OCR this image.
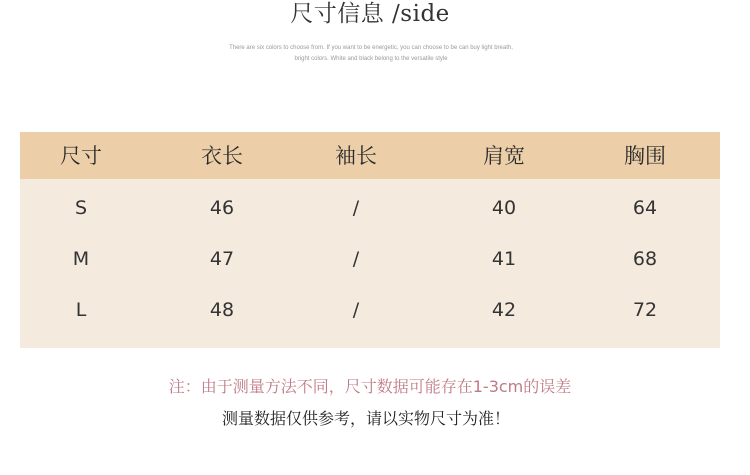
尺寸信息 /side
There are six colors to choose from. If you want to be energetic, you can choose to be can buy light breath,
bright colors. White and black belong to the versatile style
尺寸	衣长	袖长	肩宽	胸围
S	46	/	40	64
M	47	/	41	68
L	48	/	42	72
注：由于测量方法不同，尺寸数据可能存在1-3cm的误差
测量数据仅供参考，请以实物尺寸为准！
